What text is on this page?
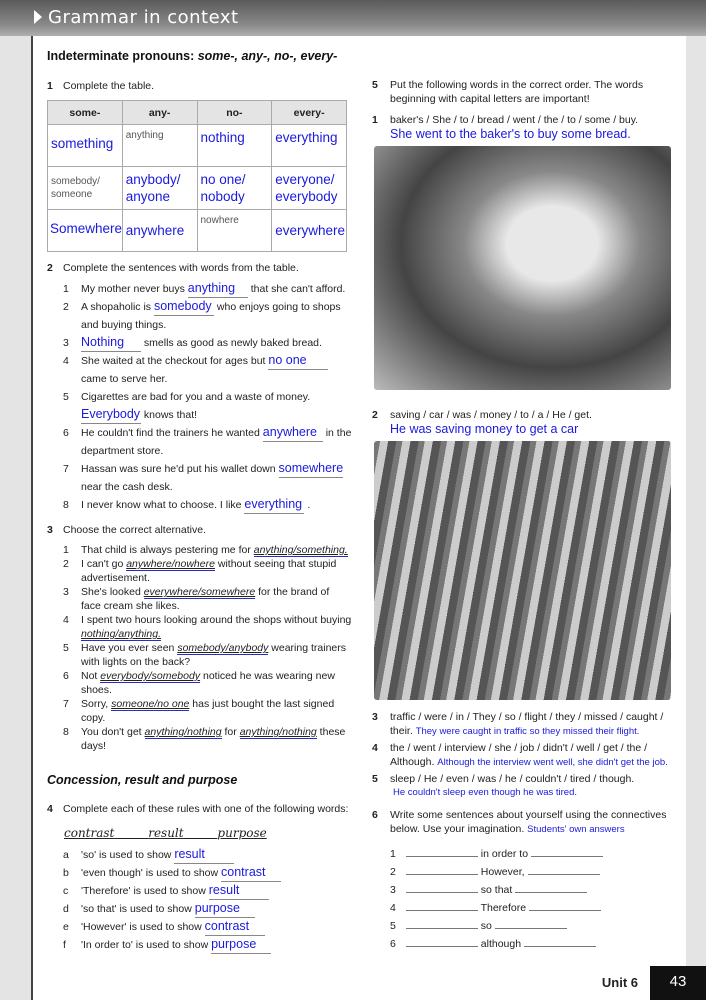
Grammar in context
Indeterminate pronouns: some-, any-, no-, every-
1 Complete the table.
some-	any-	no-	every-
something	anything	nothing	everything
somebody/ someone	anybody/ anyone	no one/ nobody	everyone/ everybody
Somewhere	anywhere	nowhere	everywhere
2 Complete the sentences with words from the table.
1 My mother never buys anything that she can't afford.
2 A shopaholic is somebody who enjoys going to shops and buying things.
3 Nothing smells as good as newly baked bread.
4 She waited at the checkout for ages but no one came to serve her.
5 Cigarettes are bad for you and a waste of money. Everybody knows that!
6 He couldn't find the trainers he wanted anywhere in the department store.
7 Hassan was sure he'd put his wallet down somewhere near the cash desk.
8 I never know what to choose. I like everything .
3 Choose the correct alternative.
1 That child is always pestering me for anything/something.
2 I can't go anywhere/nowhere without seeing that stupid advertisement.
3 She's looked everywhere/somewhere for the brand of face cream she likes.
4 I spent two hours looking around the shops without buying nothing/anything.
5 Have you ever seen somebody/anybody wearing trainers with lights on the back?
6 Not everybody/somebody noticed he was wearing new shoes.
7 Sorry, someone/no one has just bought the last signed copy.
8 You don't get anything/nothing for anything/nothing these days!
Concession, result and purpose
4 Complete each of these rules with one of the following words:
contrast	result	purpose
a 'so' is used to show result
b 'even though' is used to show contrast
c 'Therefore' is used to show result
d 'so that' is used to show purpose
e 'However' is used to show contrast
f 'In order to' is used to show purpose
5 Put the following words in the correct order. The words beginning with capital letters are important!
1 baker's / She / to / bread / went / the / to / some / buy.
She went to the baker's to buy some bread.
2 saving / car / was / money / to / a / He / get.
He was saving money to get a car
3 traffic / were / in / They / so / flight / they / missed / caught / their. They were caught in traffic so they missed their flight.
4 the / went / interview / she / job / didn't / well / get / the / Although. Although the interview went well, she didn't get the job.
5 sleep / He / even / was / he / couldn't / tired / though.
He couldn't sleep even though he was tired.
6 Write some sentences about yourself using the connectives below. Use your imagination. Students' own answers
1	in order to
2	However,
3	so that
4	Therefore
5	so
6	although
Unit 6	43
